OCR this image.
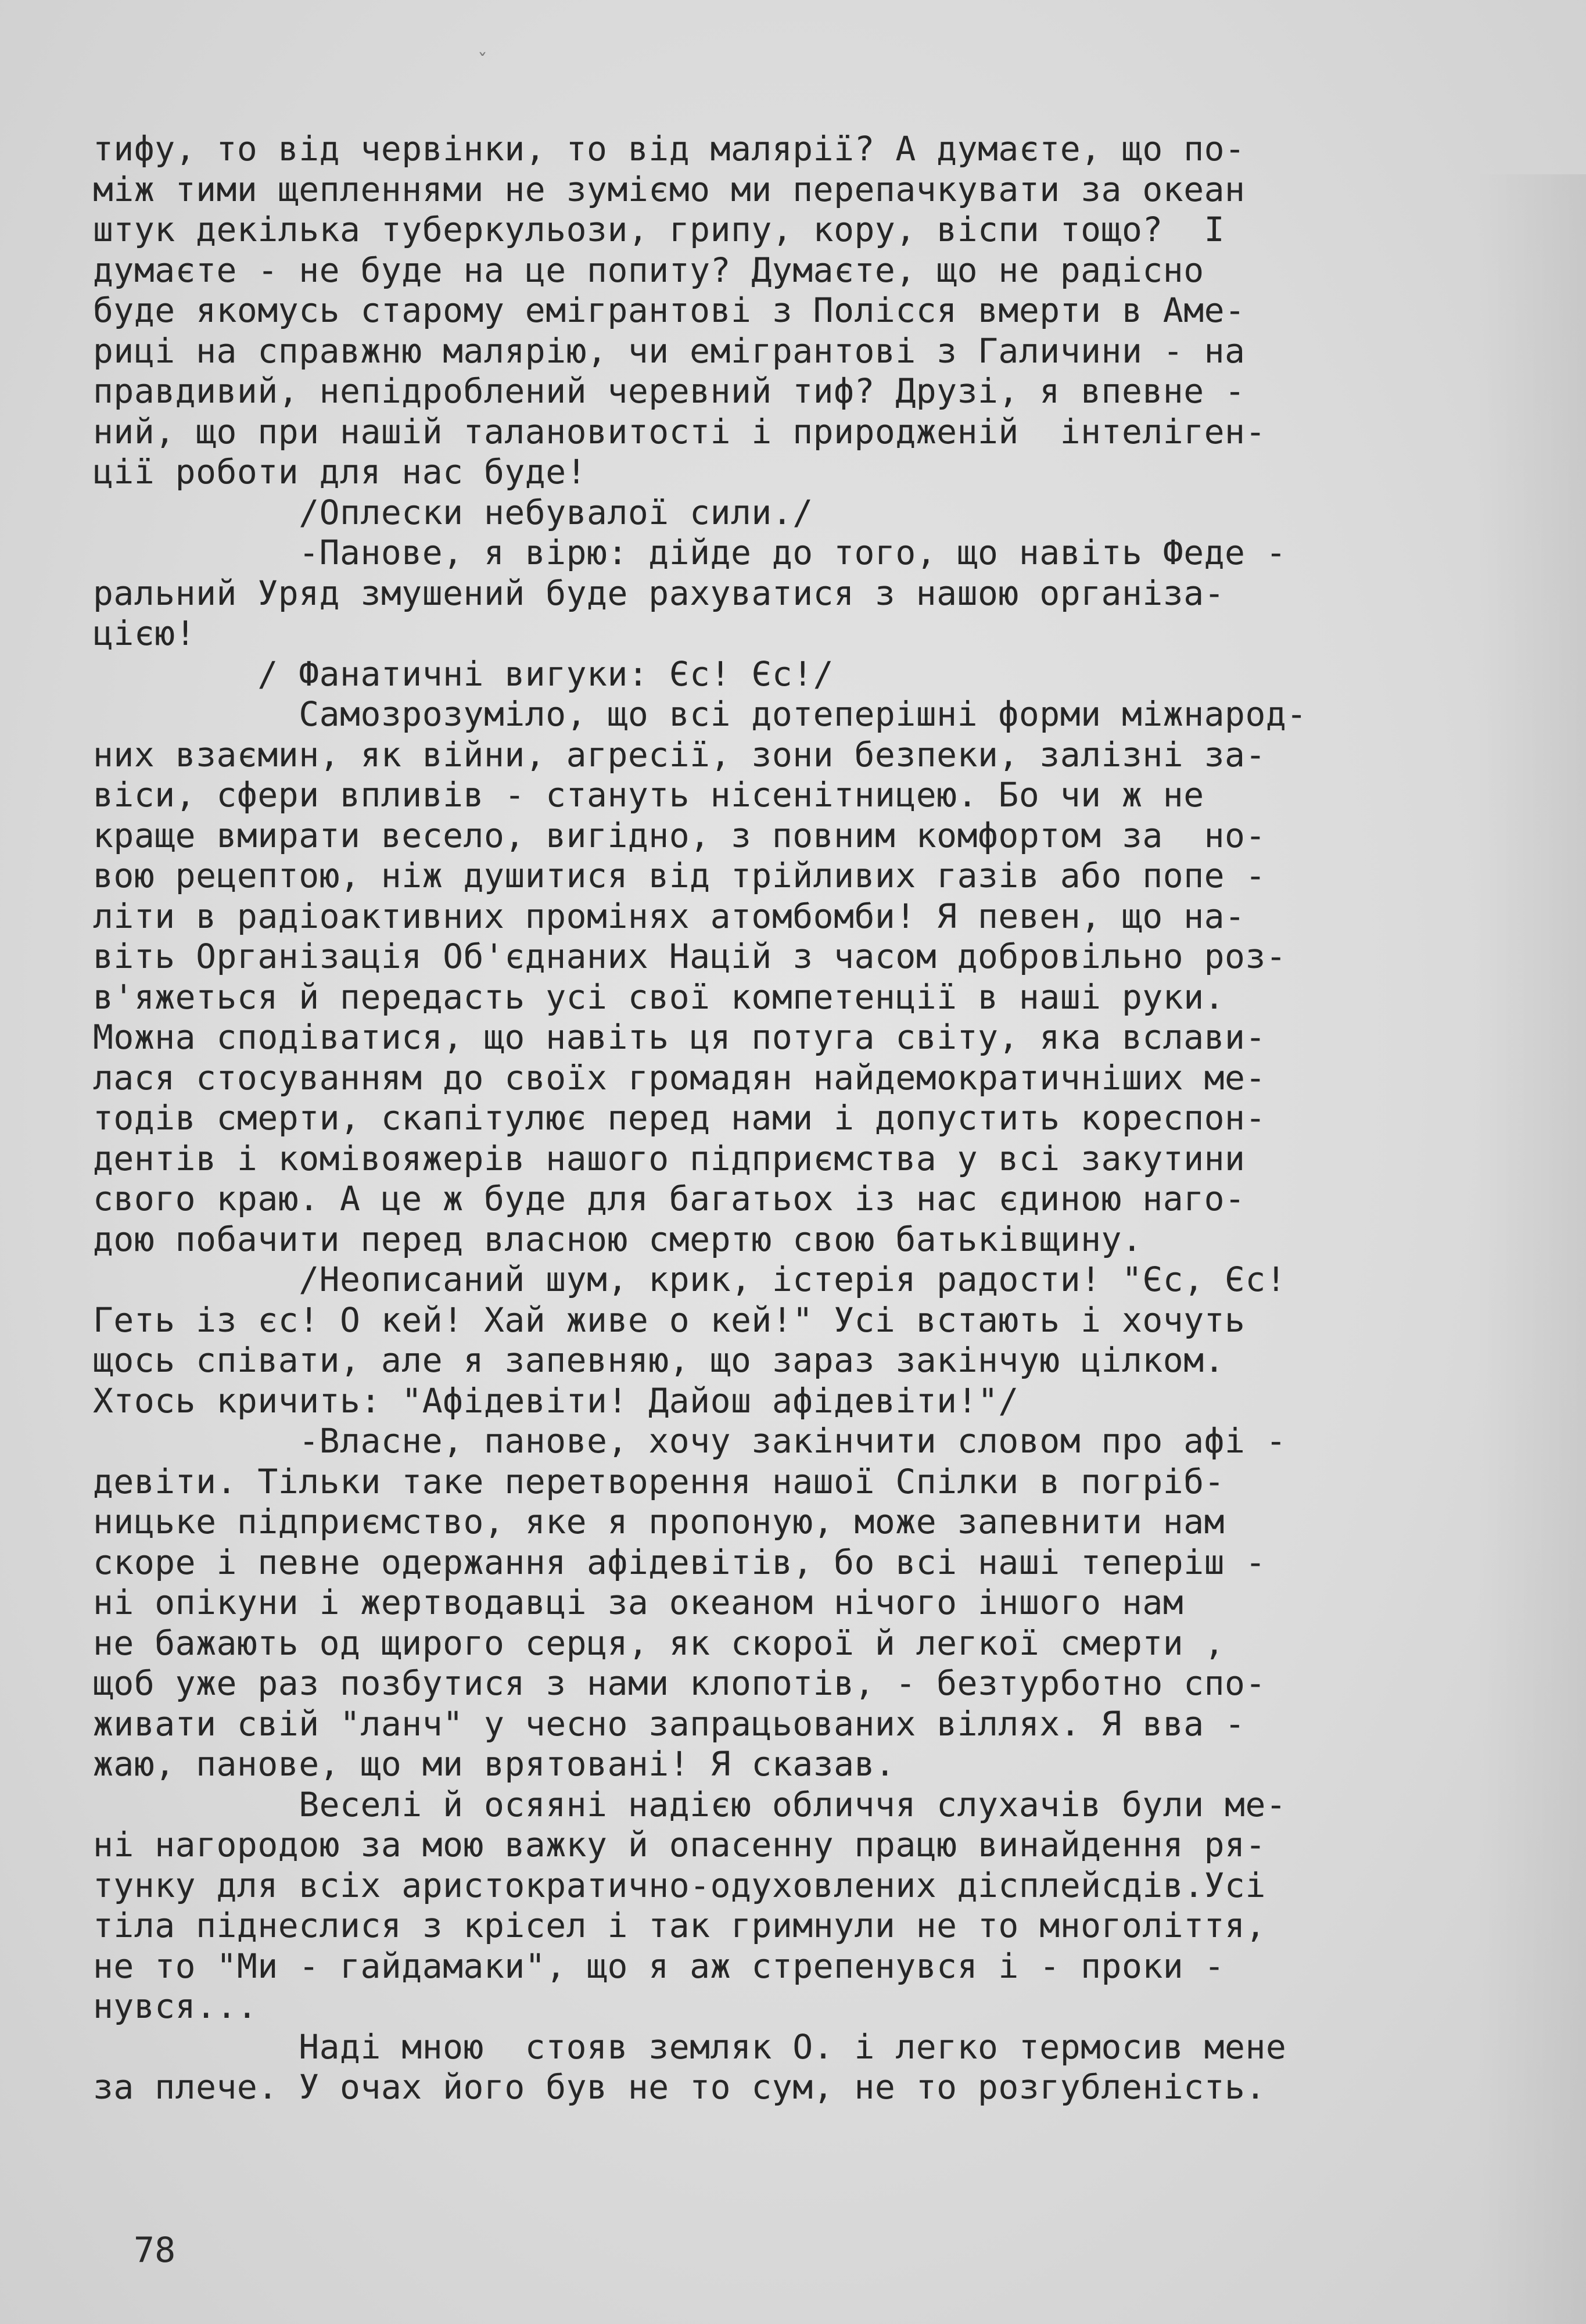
ˇ
тифу, то від червінки, то від малярії? А думаєте, що по-
між тими щепленнями не зуміємо ми перепачкувати за океан
штук декілька туберкульози, грипу, кору, віспи тощо?  І
думаєте - не буде на це попиту? Думаєте, що не радісно
буде якомусь старому емігрантові з Полісся вмерти в Аме-
риці на справжню малярію, чи емігрантові з Галичини - на
правдивий, непідроблений черевний тиф? Друзі, я впевне -
ний, що при нашій талановитості і природженій  інтеліген-
ції роботи для нас буде!
/Оплески небувалої сили./
-Панове, я вірю: дійде до того, що навіть Феде -
ральний Уряд змушений буде рахуватися з нашою організа-
цією!
/ Фанатичні вигуки: Єс! Єс!/
Самозрозуміло, що всі дотеперішні форми міжнарод-
них взаємин, як війни, агресії, зони безпеки, залізні за-
віси, сфери впливів - стануть нісенітницею. Бо чи ж не
краще вмирати весело, вигідно, з повним комфортом за  но-
вою рецептою, ніж душитися від трійливих газів або попе -
літи в радіоактивних промінях атомбомби! Я певен, що на-
віть Організація Об'єднаних Націй з часом добровільно роз-
в'яжеться й передасть усі свої компетенції в наші руки.
Можна сподіватися, що навіть ця потуга світу, яка вслави-
лася стосуванням до своїх громадян найдемократичніших ме-
тодів смерти, скапітулює перед нами і допустить кореспон-
дентів і комівояжерів нашого підприємства у всі закутини
свого краю. А це ж буде для багатьох із нас єдиною наго-
дою побачити перед власною смертю свою батьківщину.
/Неописаний шум, крик, істерія радости! "Єс, Єс!
Геть із єс! О кей! Хай живе о кей!" Усі встають і хочуть
щось співати, але я запевняю, що зараз закінчую цілком.
Хтось кричить: "Афідевіти! Дайош афідевіти!"/
-Власне, панове, хочу закінчити словом про афі -
девіти. Тільки таке перетворення нашої Спілки в погріб-
ницьке підприємство, яке я пропоную, може запевнити нам
скоре і певне одержання афідевітів, бо всі наші теперіш -
ні опікуни і жертводавці за океаном нічого іншого нам
не бажають од щирого серця, як скорої й легкої смерти ,
щоб уже раз позбутися з нами клопотів, - безтурботно спо-
живати свій "ланч" у чесно запрацьованих віллях. Я вва -
жаю, панове, що ми врятовані! Я сказав.
Веселі й осяяні надією обличчя слухачів були ме-
ні нагородою за мою важку й опасенну працю винайдення ря-
тунку для всіх аристократично-одуховлених дісплейсдів.Усі
тіла піднеслися з крісел і так гримнули не то многоліття,
не то "Ми - гайдамаки", що я аж стрепенувся і - проки -
нувся...
Наді мною  стояв земляк О. і легко термосив мене
за плече. У очах його був не то сум, не то розгубленість.
78
